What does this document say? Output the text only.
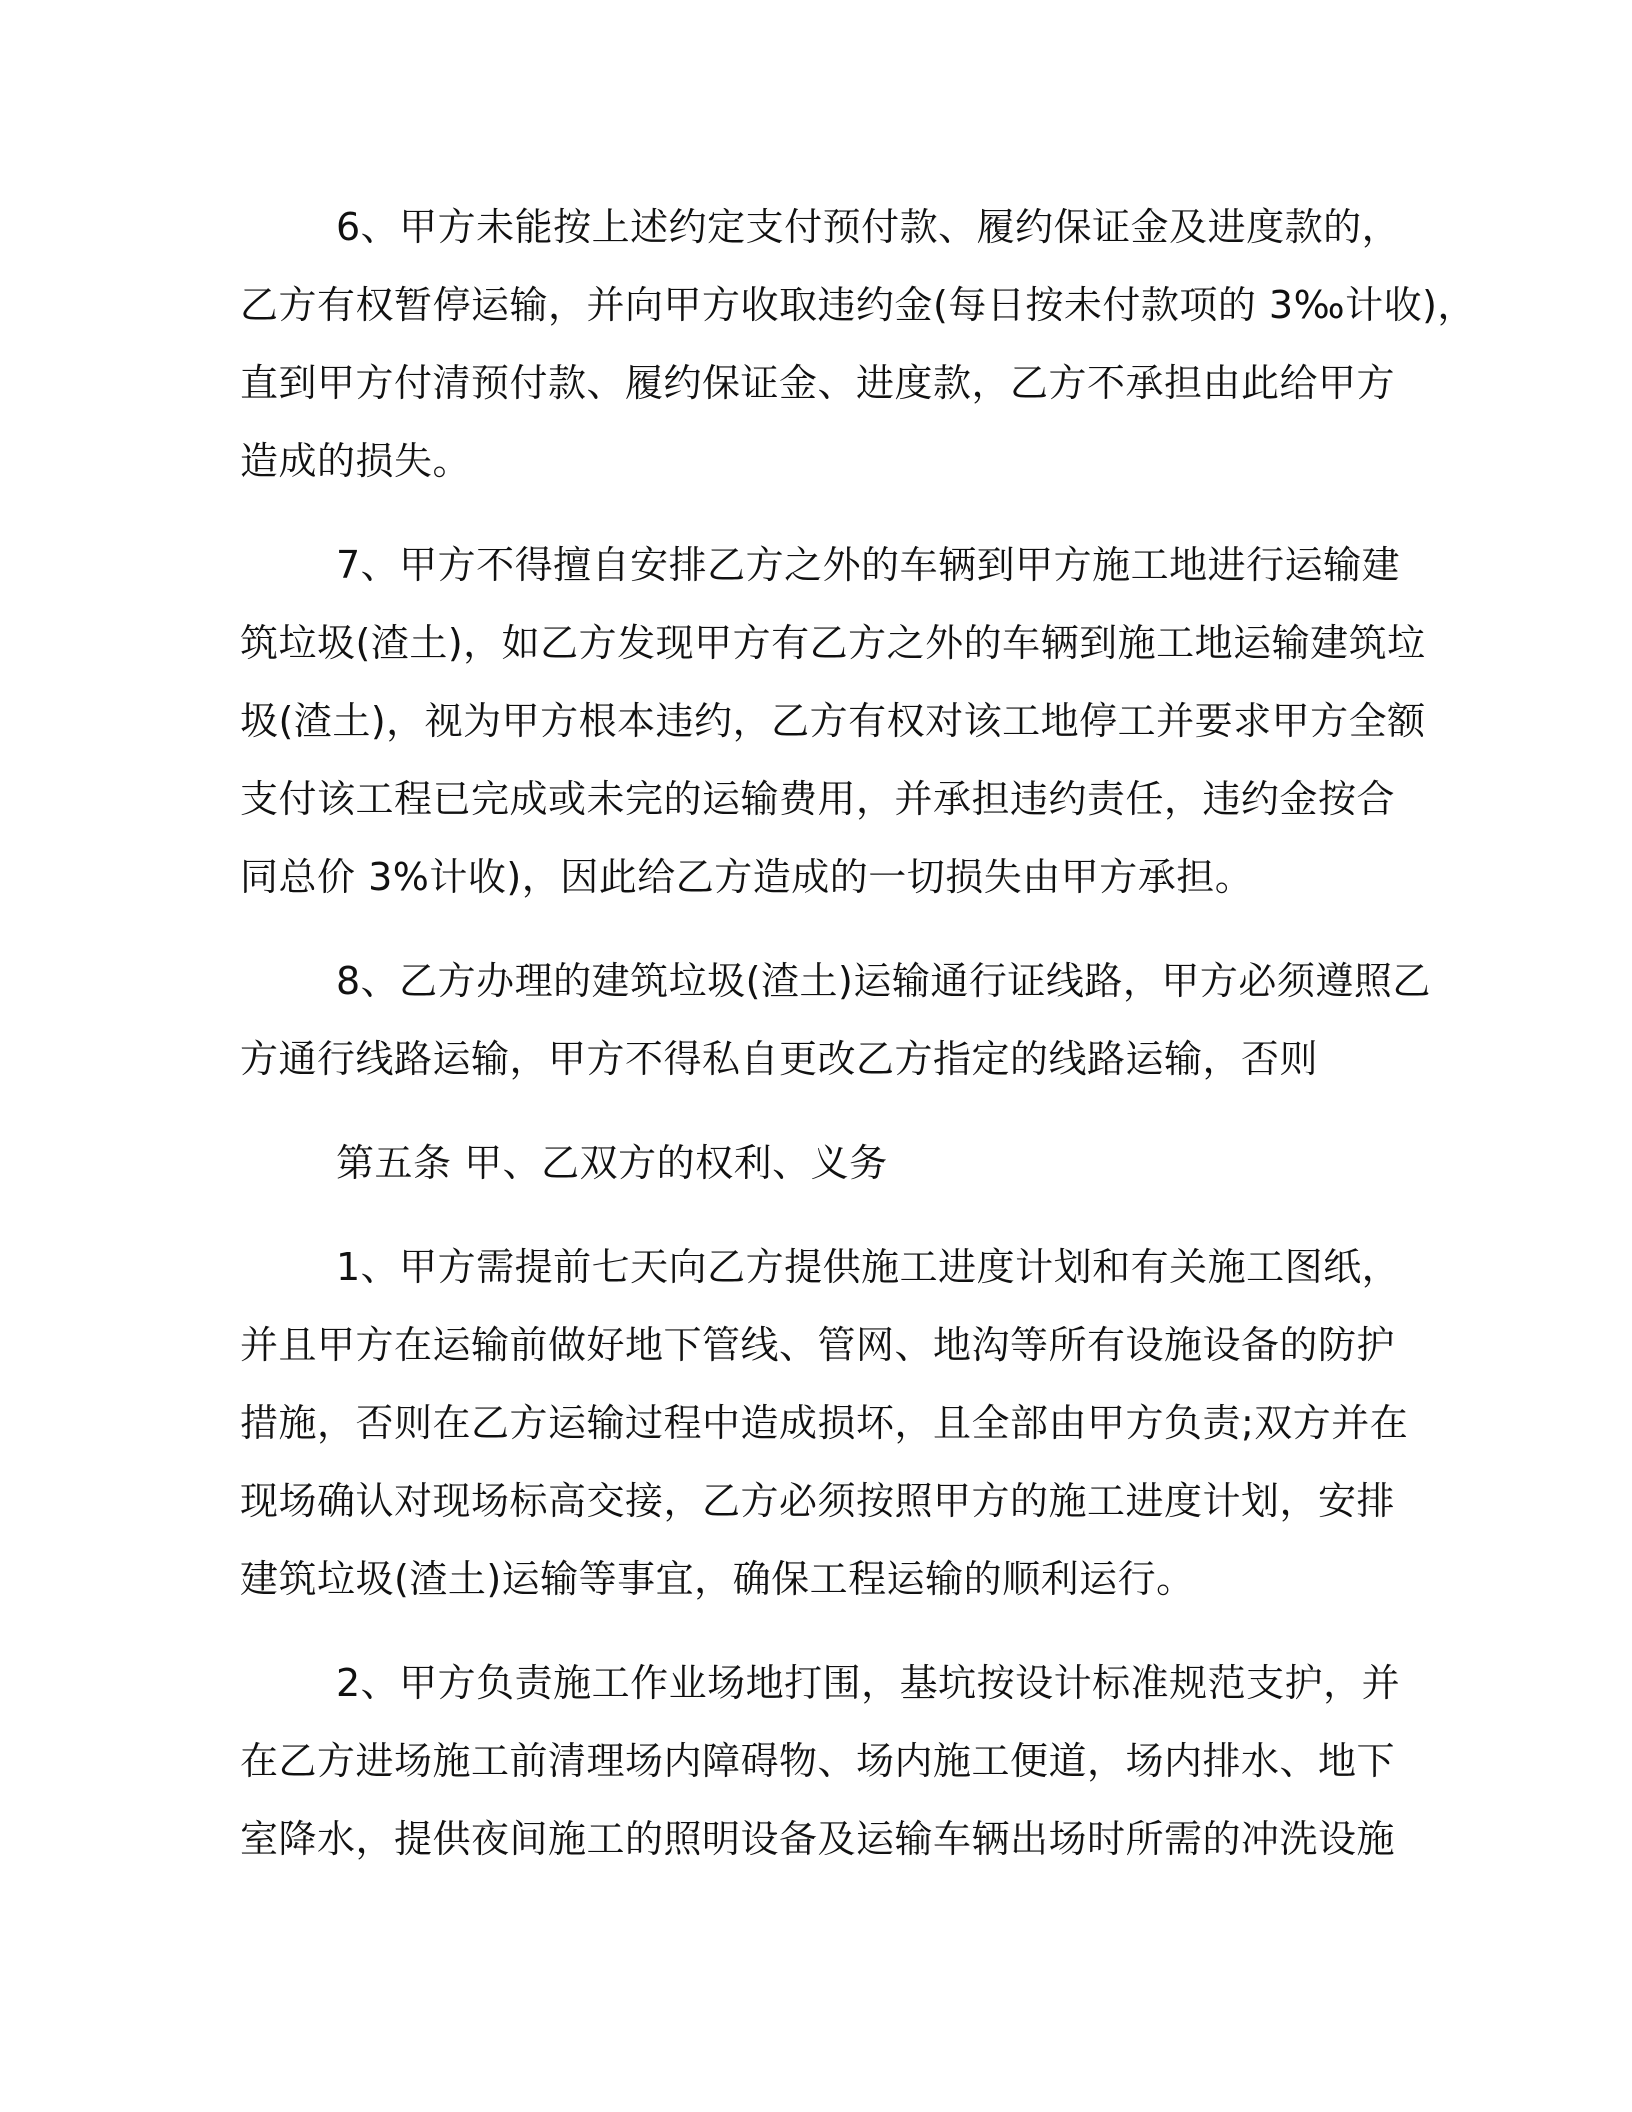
6、甲方未能按上述约定支付预付款、履约保证金及进度款的，
乙方有权暂停运输，并向甲方收取违约金(每日按未付款项的 3‰计收)，
直到甲方付清预付款、履约保证金、进度款，乙方不承担由此给甲方
造成的损失。
7、甲方不得擅自安排乙方之外的车辆到甲方施工地进行运输建
筑垃圾(渣土)，如乙方发现甲方有乙方之外的车辆到施工地运输建筑垃
圾(渣土)，视为甲方根本违约，乙方有权对该工地停工并要求甲方全额
支付该工程已完成或未完的运输费用，并承担违约责任，违约金按合
同总价 3%计收)，因此给乙方造成的一切损失由甲方承担。
8、乙方办理的建筑垃圾(渣土)运输通行证线路，甲方必须遵照乙
方通行线路运输，甲方不得私自更改乙方指定的线路运输，否则
第五条 甲、乙双方的权利、义务
1、甲方需提前七天向乙方提供施工进度计划和有关施工图纸，
并且甲方在运输前做好地下管线、管网、地沟等所有设施设备的防护
措施，否则在乙方运输过程中造成损坏，且全部由甲方负责;双方并在
现场确认对现场标高交接，乙方必须按照甲方的施工进度计划，安排
建筑垃圾(渣土)运输等事宜，确保工程运输的顺利运行。
2、甲方负责施工作业场地打围，基坑按设计标准规范支护，并
在乙方进场施工前清理场内障碍物、场内施工便道，场内排水、地下
室降水，提供夜间施工的照明设备及运输车辆出场时所需的冲洗设施
